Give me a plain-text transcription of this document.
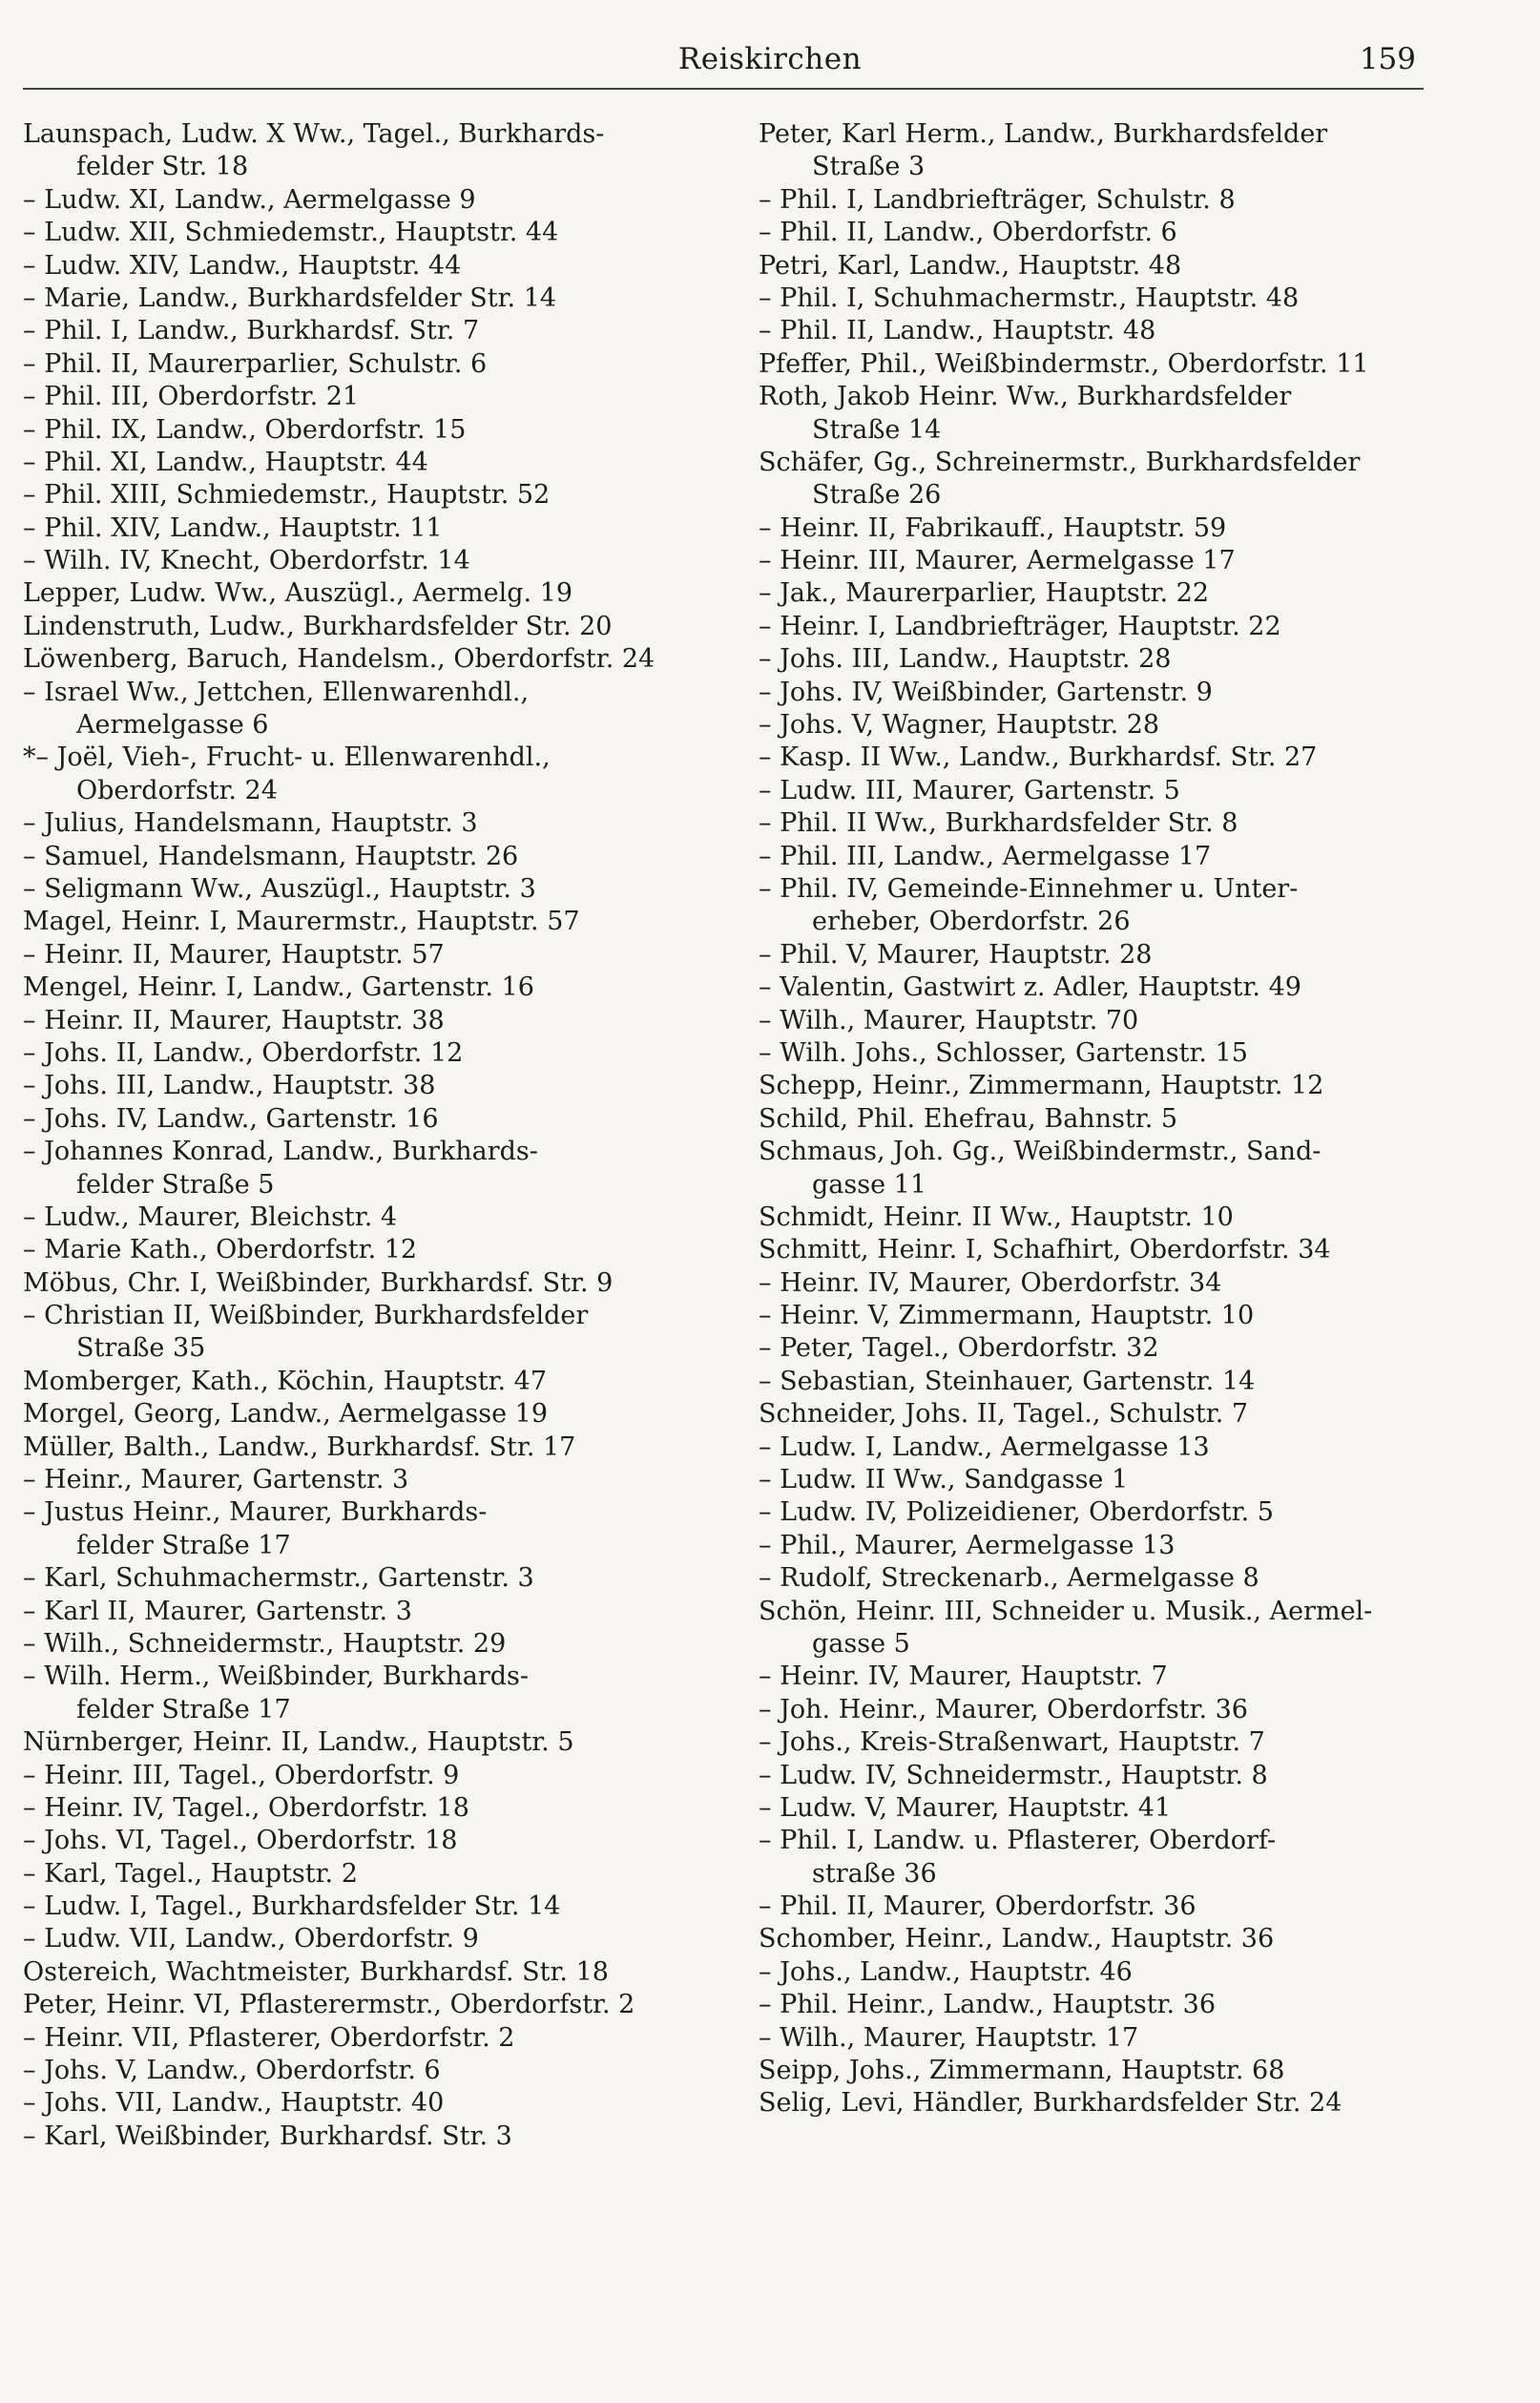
Reiskirchen	159
Launspach, Ludw. X Ww., Tagel., Burkhards-
felder Str. 18
– Ludw. XI, Landw., Aermelgasse 9
– Ludw. XII, Schmiedemstr., Hauptstr. 44
– Ludw. XIV, Landw., Hauptstr. 44
– Marie, Landw., Burkhardsfelder Str. 14
– Phil. I, Landw., Burkhardsf. Str. 7
– Phil. II, Maurerparlier, Schulstr. 6
– Phil. III, Oberdorfstr. 21
– Phil. IX, Landw., Oberdorfstr. 15
– Phil. XI, Landw., Hauptstr. 44
– Phil. XIII, Schmiedemstr., Hauptstr. 52
– Phil. XIV, Landw., Hauptstr. 11
– Wilh. IV, Knecht, Oberdorfstr. 14
Lepper, Ludw. Ww., Auszügl., Aermelg. 19
Lindenstruth, Ludw., Burkhardsfelder Str. 20
Löwenberg, Baruch, Handelsm., Oberdorfstr. 24
– Israel Ww., Jettchen, Ellenwarenhdl.,
Aermelgasse 6
*– Joël, Vieh-, Frucht- u. Ellenwarenhdl.,
Oberdorfstr. 24
– Julius, Handelsmann, Hauptstr. 3
– Samuel, Handelsmann, Hauptstr. 26
– Seligmann Ww., Auszügl., Hauptstr. 3
Magel, Heinr. I, Maurermstr., Hauptstr. 57
– Heinr. II, Maurer, Hauptstr. 57
Mengel, Heinr. I, Landw., Gartenstr. 16
– Heinr. II, Maurer, Hauptstr. 38
– Johs. II, Landw., Oberdorfstr. 12
– Johs. III, Landw., Hauptstr. 38
– Johs. IV, Landw., Gartenstr. 16
– Johannes Konrad, Landw., Burkhards-
felder Straße 5
– Ludw., Maurer, Bleichstr. 4
– Marie Kath., Oberdorfstr. 12
Möbus, Chr. I, Weißbinder, Burkhardsf. Str. 9
– Christian II, Weißbinder, Burkhardsfelder
Straße 35
Momberger, Kath., Köchin, Hauptstr. 47
Morgel, Georg, Landw., Aermelgasse 19
Müller, Balth., Landw., Burkhardsf. Str. 17
– Heinr., Maurer, Gartenstr. 3
– Justus Heinr., Maurer, Burkhards-
felder Straße 17
– Karl, Schuhmachermstr., Gartenstr. 3
– Karl II, Maurer, Gartenstr. 3
– Wilh., Schneidermstr., Hauptstr. 29
– Wilh. Herm., Weißbinder, Burkhards-
felder Straße 17
Nürnberger, Heinr. II, Landw., Hauptstr. 5
– Heinr. III, Tagel., Oberdorfstr. 9
– Heinr. IV, Tagel., Oberdorfstr. 18
– Johs. VI, Tagel., Oberdorfstr. 18
– Karl, Tagel., Hauptstr. 2
– Ludw. I, Tagel., Burkhardsfelder Str. 14
– Ludw. VII, Landw., Oberdorfstr. 9
Ostereich, Wachtmeister, Burkhardsf. Str. 18
Peter, Heinr. VI, Pflasterermstr., Oberdorfstr. 2
– Heinr. VII, Pflasterer, Oberdorfstr. 2
– Johs. V, Landw., Oberdorfstr. 6
– Johs. VII, Landw., Hauptstr. 40
– Karl, Weißbinder, Burkhardsf. Str. 3
Peter, Karl Herm., Landw., Burkhardsfelder
Straße 3
– Phil. I, Landbriefträger, Schulstr. 8
– Phil. II, Landw., Oberdorfstr. 6
Petri, Karl, Landw., Hauptstr. 48
– Phil. I, Schuhmachermstr., Hauptstr. 48
– Phil. II, Landw., Hauptstr. 48
Pfeffer, Phil., Weißbindermstr., Oberdorfstr. 11
Roth, Jakob Heinr. Ww., Burkhardsfelder
Straße 14
Schäfer, Gg., Schreinermstr., Burkhardsfelder
Straße 26
– Heinr. II, Fabrikauff., Hauptstr. 59
– Heinr. III, Maurer, Aermelgasse 17
– Jak., Maurerparlier, Hauptstr. 22
– Heinr. I, Landbriefträger, Hauptstr. 22
– Johs. III, Landw., Hauptstr. 28
– Johs. IV, Weißbinder, Gartenstr. 9
– Johs. V, Wagner, Hauptstr. 28
– Kasp. II Ww., Landw., Burkhardsf. Str. 27
– Ludw. III, Maurer, Gartenstr. 5
– Phil. II Ww., Burkhardsfelder Str. 8
– Phil. III, Landw., Aermelgasse 17
– Phil. IV, Gemeinde-Einnehmer u. Unter-
erheber, Oberdorfstr. 26
– Phil. V, Maurer, Hauptstr. 28
– Valentin, Gastwirt z. Adler, Hauptstr. 49
– Wilh., Maurer, Hauptstr. 70
– Wilh. Johs., Schlosser, Gartenstr. 15
Schepp, Heinr., Zimmermann, Hauptstr. 12
Schild, Phil. Ehefrau, Bahnstr. 5
Schmaus, Joh. Gg., Weißbindermstr., Sand-
gasse 11
Schmidt, Heinr. II Ww., Hauptstr. 10
Schmitt, Heinr. I, Schafhirt, Oberdorfstr. 34
– Heinr. IV, Maurer, Oberdorfstr. 34
– Heinr. V, Zimmermann, Hauptstr. 10
– Peter, Tagel., Oberdorfstr. 32
– Sebastian, Steinhauer, Gartenstr. 14
Schneider, Johs. II, Tagel., Schulstr. 7
– Ludw. I, Landw., Aermelgasse 13
– Ludw. II Ww., Sandgasse 1
– Ludw. IV, Polizeidiener, Oberdorfstr. 5
– Phil., Maurer, Aermelgasse 13
– Rudolf, Streckenarb., Aermelgasse 8
Schön, Heinr. III, Schneider u. Musik., Aermel-
gasse 5
– Heinr. IV, Maurer, Hauptstr. 7
– Joh. Heinr., Maurer, Oberdorfstr. 36
– Johs., Kreis-Straßenwart, Hauptstr. 7
– Ludw. IV, Schneidermstr., Hauptstr. 8
– Ludw. V, Maurer, Hauptstr. 41
– Phil. I, Landw. u. Pflasterer, Oberdorf-
straße 36
– Phil. II, Maurer, Oberdorfstr. 36
Schomber, Heinr., Landw., Hauptstr. 36
– Johs., Landw., Hauptstr. 46
– Phil. Heinr., Landw., Hauptstr. 36
– Wilh., Maurer, Hauptstr. 17
Seipp, Johs., Zimmermann, Hauptstr. 68
Selig, Levi, Händler, Burkhardsfelder Str. 24
